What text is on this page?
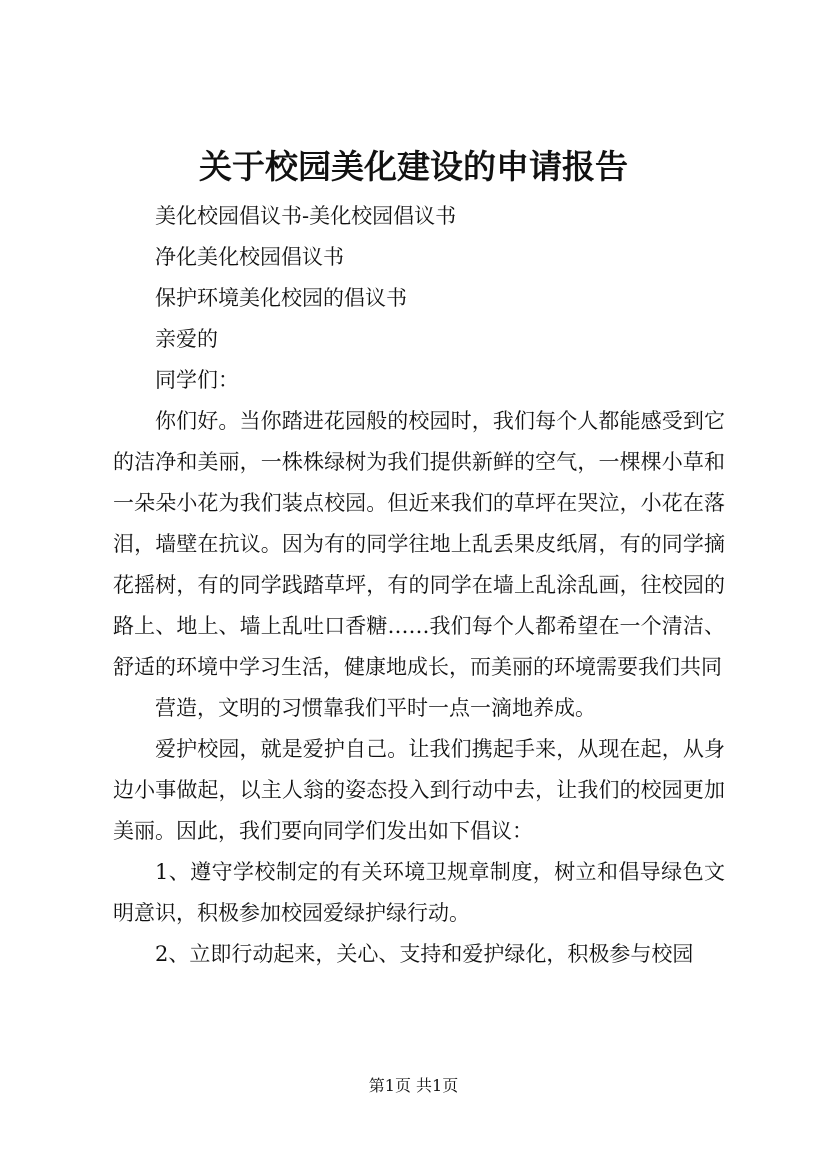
关于校园美化建设的申请报告

美化校园倡议书-美化校园倡议书

净化美化校园倡议书

保护环境美化校园的倡议书

亲爱的

同学们：

你们好。当你踏进花园般的校园时，我们每个人都能感受到它的洁净和美丽，一株株绿树为我们提供新鲜的空气，一棵棵小草和一朵朵小花为我们装点校园。但近来我们的草坪在哭泣，小花在落泪，墙壁在抗议。因为有的同学往地上乱丢果皮纸屑，有的同学摘花摇树，有的同学践踏草坪，有的同学在墙上乱涂乱画，往校园的路上、地上、墙上乱吐口香糖……我们每个人都希望在一个清洁、舒适的环境中学习生活，健康地成长，而美丽的环境需要我们共同

营造，文明的习惯靠我们平时一点一滴地养成。

爱护校园，就是爱护自己。让我们携起手来，从现在起，从身边小事做起，以主人翁的姿态投入到行动中去，让我们的校园更加美丽。因此，我们要向同学们发出如下倡议：

1、遵守学校制定的有关环境卫规章制度，树立和倡导绿色文明意识，积极参加校园爱绿护绿行动。

2、立即行动起来，关心、支持和爱护绿化，积极参与校园

第1页 共1页
